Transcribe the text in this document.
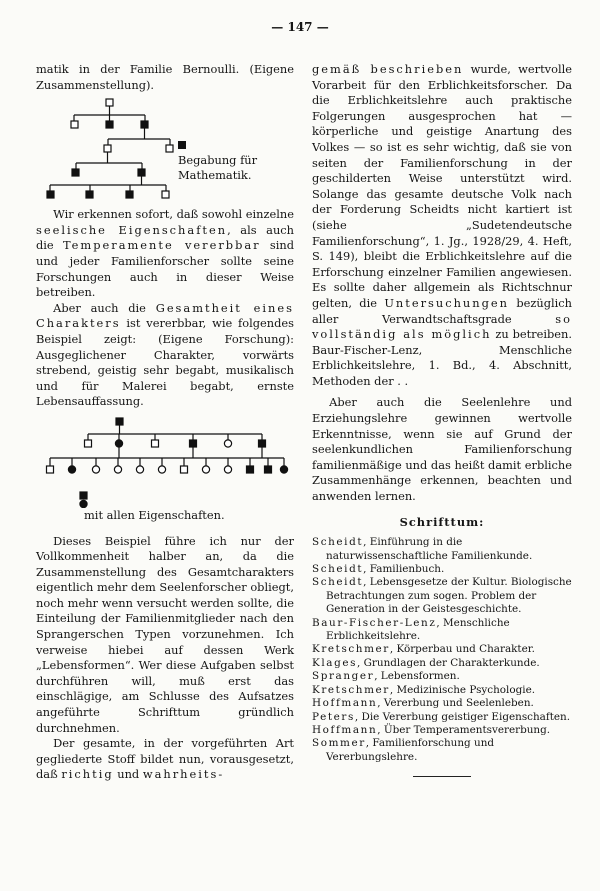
— 147 —

matik in der Familie Bernoulli. (Eigene Zusammenstellung).

Begabung für Mathematik.

Wir erkennen sofort, daß sowohl einzelne seelische Eigenschaften, als auch die Temperamente vererbbar sind und jeder Familienforscher sollte seine Forschungen auch in dieser Weise betreiben.

Aber auch die Gesamtheit eines Charakters ist vererbbar, wie folgendes Beispiel zeigt: (Eigene Forschung): Ausgeglichener Charakter, vorwärts strebend, geistig sehr begabt, musikalisch und für Malerei begabt, ernste Lebensauffassung.

mit allen Eigenschaften.

Dieses Beispiel führe ich nur der Vollkommenheit halber an, da die Zusammenstellung des Gesamtcharakters eigentlich mehr dem Seelenforscher obliegt, noch mehr wenn versucht werden sollte, die Einteilung der Familienmitglieder nach den Sprangerschen Typen vorzunehmen. Ich verweise hiebei auf dessen Werk „Lebensformen“. Wer diese Aufgaben selbst durchführen will, muß erst das einschlägige, am Schlusse des Aufsatzes angeführte Schrifttum gründlich durchnehmen.

Der gesamte, in der vorgeführten Art gegliederte Stoff bildet nun, vorausgesetzt, daß richtig und wahrheits-

gemäß beschrieben wurde, wertvolle Vorarbeit für den Erblichkeitsforscher. Da die Erblichkeitslehre auch praktische Folgerungen ausgesprochen hat — körperliche und geistige Anartung des Volkes — so ist es sehr wichtig, daß sie von seiten der Familienforschung in der geschilderten Weise unterstützt wird. Solange das gesamte deutsche Volk nach der Forderung Scheidts nicht kartiert ist (siehe „Sudetendeutsche Familienforschung“, 1. Jg., 1928/29, 4. Heft, S. 149), bleibt die Erblichkeitslehre auf die Erforschung einzelner Familien angewiesen. Es sollte daher allgemein als Richtschnur gelten, die Untersuchungen bezüglich aller Verwandtschaftsgrade so vollständig als möglich zu betreiben. Baur-Fischer-Lenz, Menschliche Erblichkeitslehre, 1. Bd., 4. Abschnitt, Methoden der . .

Aber auch die Seelenlehre und Erziehungslehre gewinnen wertvolle Erkenntnisse, wenn sie auf Grund der seelenkundlichen Familienforschung familienmäßige und das heißt damit erbliche Zusammenhänge erkennen, beachten und anwenden lernen.

Schrifttum:
Scheidt, Einführung in die naturwissenschaftliche Familienkunde.
Scheidt, Familienbuch.
Scheidt, Lebensgesetze der Kultur. Biologische Betrachtungen zum sogen. Problem der Generation in der Geistesgeschichte.
Baur-Fischer-Lenz, Menschliche Erblichkeitslehre.
Kretschmer, Körperbau und Charakter.
Klages, Grundlagen der Charakterkunde.
Spranger, Lebensformen.
Kretschmer, Medizinische Psychologie.
Hoffmann, Vererbung und Seelenleben.
Peters, Die Vererbung geistiger Eigenschaften.
Hoffmann, Über Temperamentsvererbung.
Sommer, Familienforschung und Vererbungslehre.
